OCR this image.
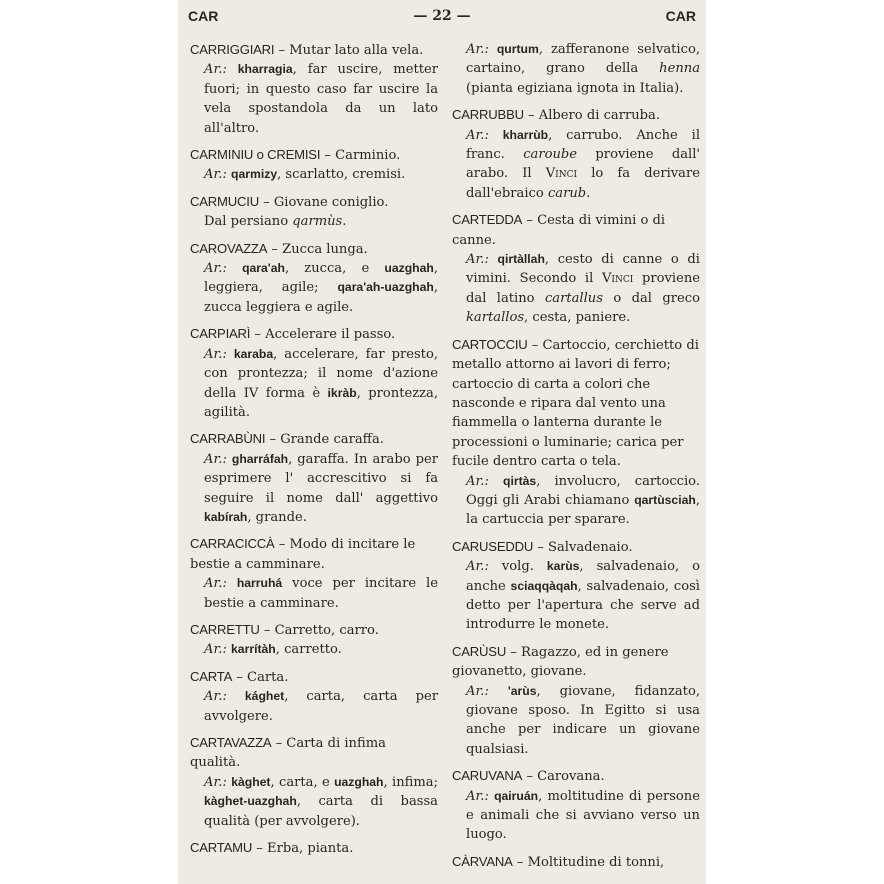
CAR	— 22 —	CAR
CARRIGGIARI – Mutar lato alla vela.
Ar.: kharragia, far uscire, metter fuori; in questo caso far uscire la vela spostandola da un lato all'altro.
CARMINIU o CREMISI – Carminio.
Ar.: qarmizy, scarlatto, cremisi.
CARMUCIU – Giovane coniglio.
Dal persiano qarmùs.
CAROVAZZA – Zucca lunga.
Ar.: qara'ah, zucca, e uazghah, leggiera, agile; qara'ah-uazghah, zucca leggiera e agile.
CARPIARÌ – Accelerare il passo.
Ar.: karaba, accelerare, far presto, con prontezza; il nome d'azione della IV forma è ikràb, prontezza, agilità.
CARRABÙNI – Grande caraffa.
Ar.: gharráfah, garaffa. In arabo per esprimere l' accrescitivo si fa seguire il nome dall' aggettivo kabírah, grande.
CARRACICCÀ – Modo di incitare le bestie a camminare.
Ar.: harruhá voce per incitare le bestie a camminare.
CARRETTU – Carretto, carro.
Ar.: karrítàh, carretto.
CARTA – Carta.
Ar.: kághet, carta, carta per avvolgere.
CARTAVAZZA – Carta di infima qualità.
Ar.: kàghet, carta, e uazghah, infima; kàghet-uazghah, carta di bassa qualità (per avvolgere).
CARTAMU – Erba, pianta.
Ar.: qurtum, zafferanone selvatico, cartaino, grano della henna (pianta egiziana ignota in Italia).
CARRUBBU – Albero di carruba.
Ar.: kharrùb, carrubo. Anche il franc. caroube proviene dall' arabo. Il Vinci lo fa derivare dall'ebraico carub.
CARTEDDA – Cesta di vimini o di canne.
Ar.: qirtàllah, cesto di canne o di vimini. Secondo il Vinci proviene dal latino cartallus o dal greco kartallos, cesta, paniere.
CARTOCCIU – Cartoccio, cerchietto di metallo attorno ai lavori di ferro; cartoccio di carta a colori che nasconde e ripara dal vento una fiammella o lanterna durante le processioni o luminarie; carica per fucile dentro carta o tela.
Ar.: qirtàs, involucro, cartoccio. Oggi gli Arabi chiamano qartùsciah, la cartuccia per sparare.
CARUSEDDU – Salvadenaio.
Ar.: volg. karùs, salvadenaio, o anche sciaqqàqah, salvadenaio, così detto per l'apertura che serve ad introdurre le monete.
CARÙSU – Ragazzo, ed in genere giovanetto, giovane.
Ar.: 'arùs, giovane, fidanzato, giovane sposo. In Egitto si usa anche per indicare un giovane qualsiasi.
CARUVANA – Carovana.
Ar.: qairuán, moltitudine di persone e animali che si avviano verso un luogo.
CÀRVANA – Moltitudine di tonni,
